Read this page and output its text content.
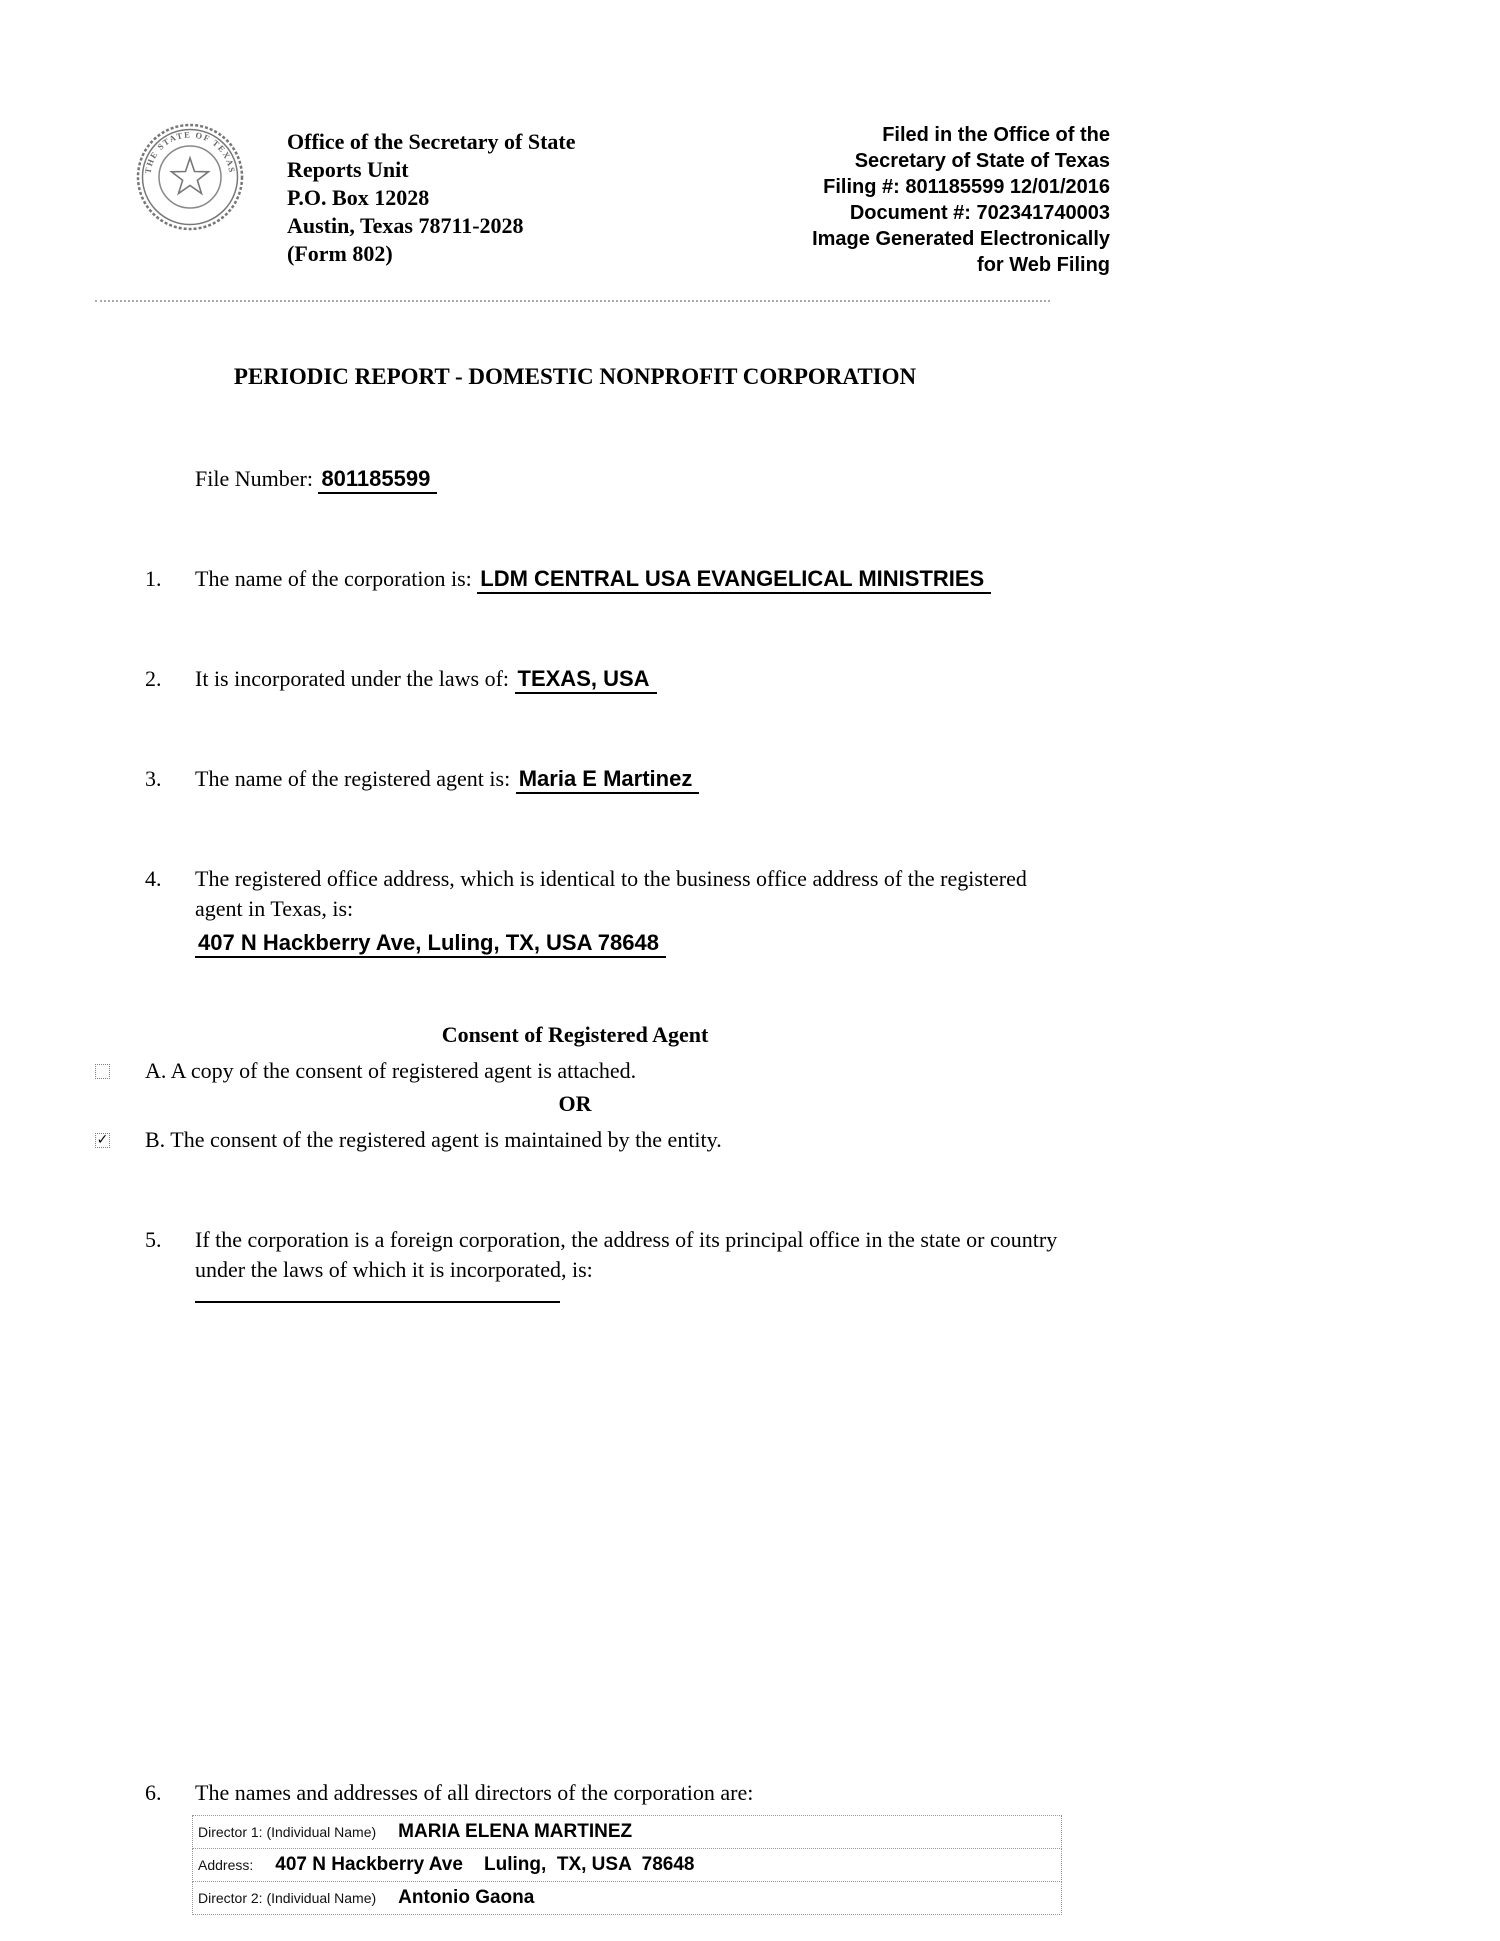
THE STATE OF TEXAS
Office of the Secretary of State
Reports Unit
P.O. Box 12028
Austin, Texas 78711-2028
(Form 802)
Filed in the Office of the
Secretary of State of Texas
Filing #: 801185599 12/01/2016
Document #: 702341740003
Image Generated Electronically
for Web Filing
PERIODIC REPORT - DOMESTIC NONPROFIT CORPORATION
File Number: 801185599
1.	The name of the corporation is: LDM CENTRAL USA EVANGELICAL MINISTRIES
2.	It is incorporated under the laws of: TEXAS, USA
3.	The name of the registered agent is: Maria E Martinez
4.	The registered office address, which is identical to the business office address of the registered agent in Texas, is:
407 N Hackberry Ave, Luling, TX, USA 78648
Consent of Registered Agent
A. A copy of the consent of registered agent is attached.
OR
✓ B. The consent of the registered agent is maintained by the entity.
5.	If the corporation is a foreign corporation, the address of its principal office in the state or country under the laws of which it is incorporated, is:
6.	The names and addresses of all directors of the corporation are:
Director 1: (Individual Name) MARIA ELENA MARTINEZ
Address: 407 N Hackberry Ave    Luling,  TX, USA  78648
Director 2: (Individual Name) Antonio Gaona
